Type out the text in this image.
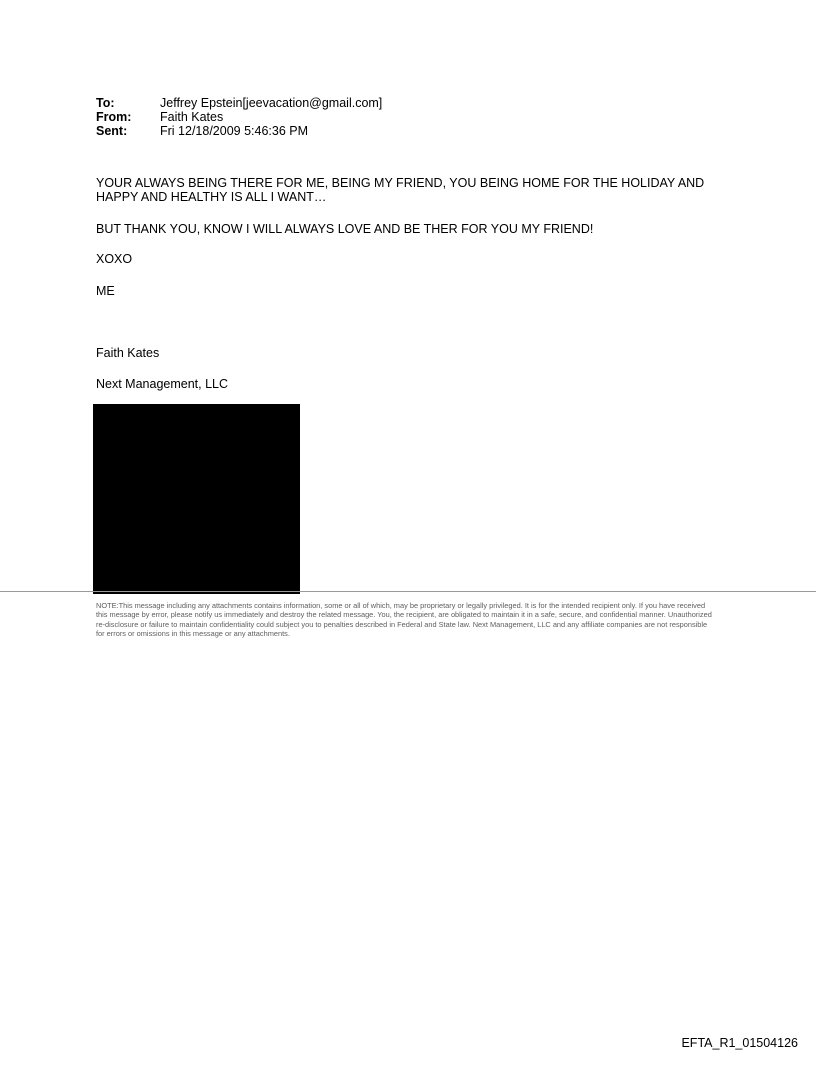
To:	Jeffrey Epstein[jeevacation@gmail.com]
From:	Faith Kates
Sent:	Fri 12/18/2009 5:46:36 PM
YOUR ALWAYS BEING THERE FOR ME, BEING MY FRIEND, YOU BEING HOME FOR THE HOLIDAY AND HAPPY AND HEALTHY IS ALL I WANT…
BUT THANK YOU, KNOW I WILL ALWAYS LOVE AND BE THER FOR YOU MY FRIEND!
XOXO
ME
Faith Kates
Next Management, LLC
NOTE:This message including any attachments contains information, some or all of which, may be proprietary or legally privileged. It is for the intended recipient only. If you have received this message by error, please notify us immediately and destroy the related message. You, the recipient, are obligated to maintain it in a safe, secure, and confidential manner. Unauthorized re-disclosure or failure to maintain confidentiality could subject you to penalties described in Federal and State law. Next Management, LLC and any affiliate companies are not responsible for errors or omissions in this message or any attachments.
EFTA_R1_01504126
